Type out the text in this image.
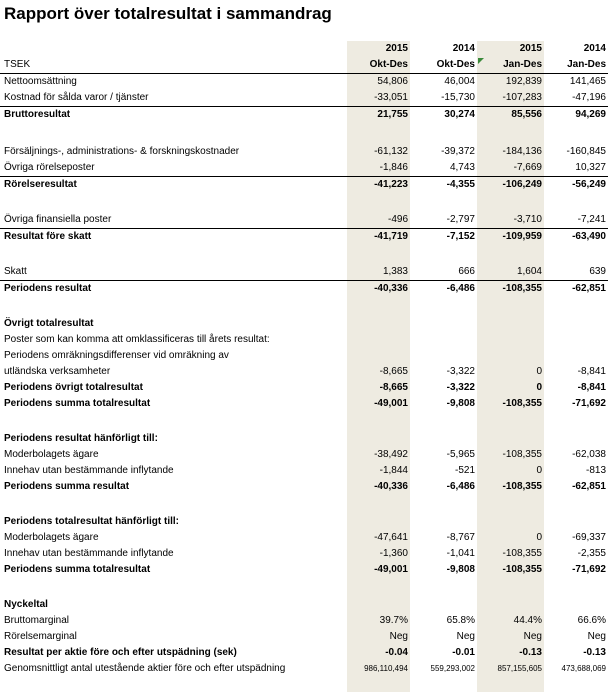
Rapport över totalresultat i sammandrag
	2015	2014	2015	2014
TSEK	Okt-Des	Okt-Des	Jan-Des	Jan-Des
Nettoomsättning	54,806	46,004	192,839	141,465
Kostnad för sålda varor / tjänster	-33,051	-15,730	-107,283	-47,196
Bruttoresultat	21,755	30,274	85,556	94,269

Försäljnings-, administrations- & forskningskostnader	-61,132	-39,372	-184,136	-160,845
Övriga rörelseposter	-1,846	4,743	-7,669	10,327
Rörelseresultat	-41,223	-4,355	-106,249	-56,249

Övriga finansiella poster	-496	-2,797	-3,710	-7,241
Resultat före skatt	-41,719	-7,152	-109,959	-63,490

Skatt	1,383	666	1,604	639
Periodens resultat	-40,336	-6,486	-108,355	-62,851

Övrigt totalresultat				
Poster som kan komma att omklassificeras till årets resultat:				
Periodens omräkningsdifferenser vid omräkning av				
utländska verksamheter	-8,665	-3,322	0	-8,841
Periodens övrigt totalresultat	-8,665	-3,322	0	-8,841
Periodens summa totalresultat	-49,001	-9,808	-108,355	-71,692

Periodens resultat hänförligt till:				
Moderbolagets ägare	-38,492	-5,965	-108,355	-62,038
Innehav utan bestämmande inflytande	-1,844	-521	0	-813
Periodens summa resultat	-40,336	-6,486	-108,355	-62,851

Periodens totalresultat hänförligt till:				
Moderbolagets ägare	-47,641	-8,767	0	-69,337
Innehav utan bestämmande inflytande	-1,360	-1,041	-108,355	-2,355
Periodens summa totalresultat	-49,001	-9,808	-108,355	-71,692

Nyckeltal				
Bruttomarginal	39.7%	65.8%	44.4%	66.6%
Rörelsemarginal	Neg	Neg	Neg	Neg
Resultat per aktie före och efter utspädning (sek)	-0.04	-0.01	-0.13	-0.13
Genomsnittligt antal utestående aktier före och efter utspädning	986,110,494	559,293,002	857,155,605	473,688,069
